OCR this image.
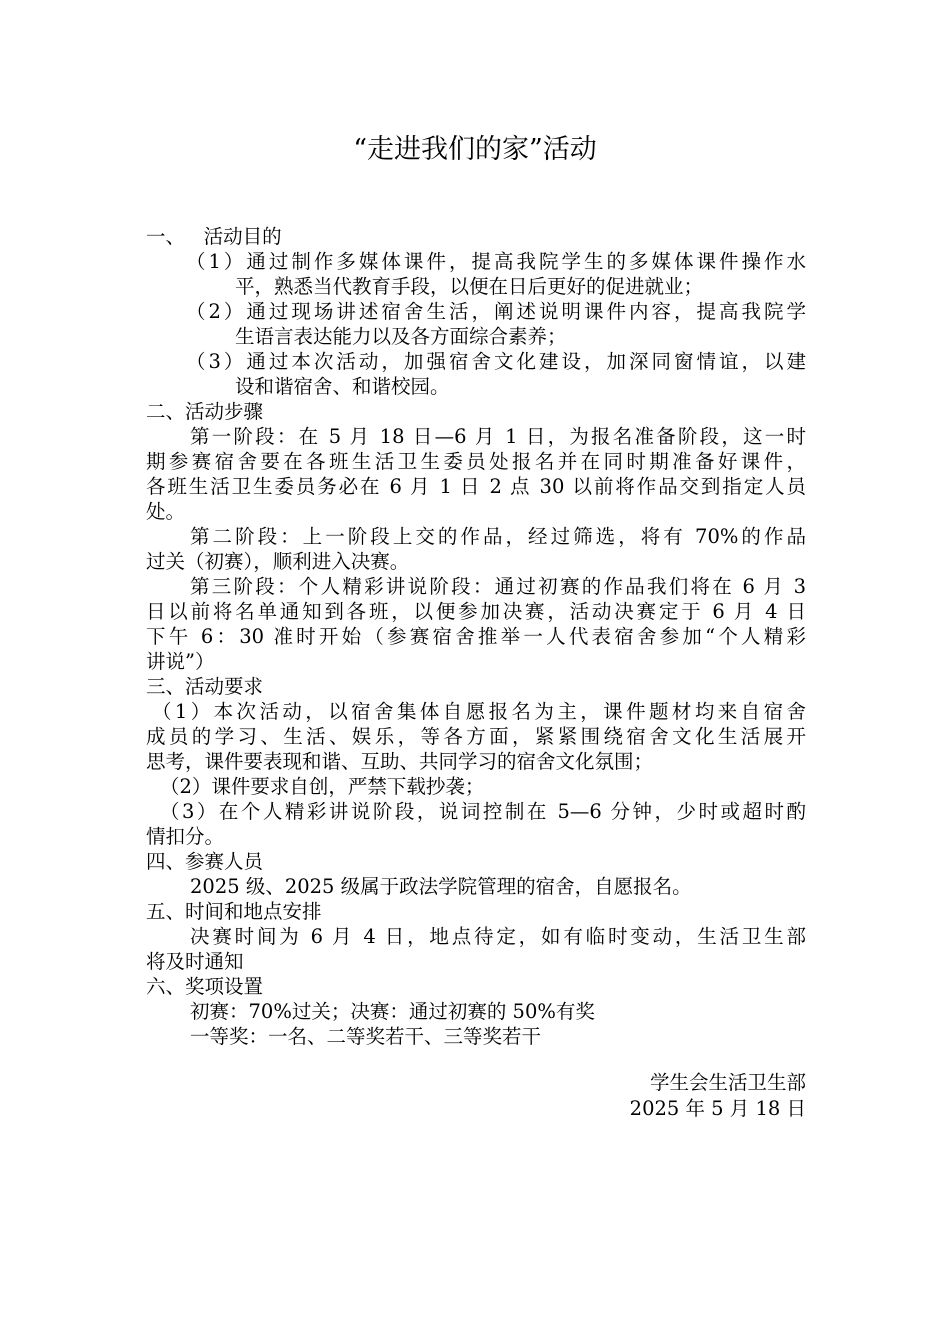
“走进我们的家”活动
一、   活动目的
（1）通过制作多媒体课件，提高我院学生的多媒体课件操作水
平，熟悉当代教育手段，以便在日后更好的促进就业；
（2）通过现场讲述宿舍生活，阐述说明课件内容，提高我院学
生语言表达能力以及各方面综合素养；
（3）通过本次活动，加强宿舍文化建设，加深同窗情谊，以建
设和谐宿舍、和谐校园。
二、活动步骤
第一阶段：在 5 月 18 日—6 月 1 日，为报名准备阶段，这一时
期参赛宿舍要在各班生活卫生委员处报名并在同时期准备好课件，
各班生活卫生委员务必在 6 月 1 日 2 点 30 以前将作品交到指定人员
处。
第二阶段：上一阶段上交的作品，经过筛选，将有 70%的作品
过关（初赛），顺利进入决赛。
第三阶段：个人精彩讲说阶段：通过初赛的作品我们将在 6 月 3
日以前将名单通知到各班，以便参加决赛，活动决赛定于 6 月 4 日
下午 6：30 准时开始（参赛宿舍推举一人代表宿舍参加“个人精彩
讲说”）
三、活动要求
（1）本次活动，以宿舍集体自愿报名为主，课件题材均来自宿舍
成员的学习、生活、娱乐，等各方面，紧紧围绕宿舍文化生活展开
思考，课件要表现和谐、互助、共同学习的宿舍文化氛围；
（2）课件要求自创，严禁下载抄袭；
（3）在个人精彩讲说阶段，说词控制在 5—6 分钟，少时或超时酌
情扣分。
四、参赛人员
2025 级、2025 级属于政法学院管理的宿舍，自愿报名。
五、时间和地点安排
决赛时间为 6 月 4 日，地点待定，如有临时变动，生活卫生部
将及时通知
六、奖项设置
初赛：70%过关；决赛：通过初赛的 50%有奖
一等奖：一名、二等奖若干、三等奖若干
学生会生活卫生部
2025 年 5 月 18 日
